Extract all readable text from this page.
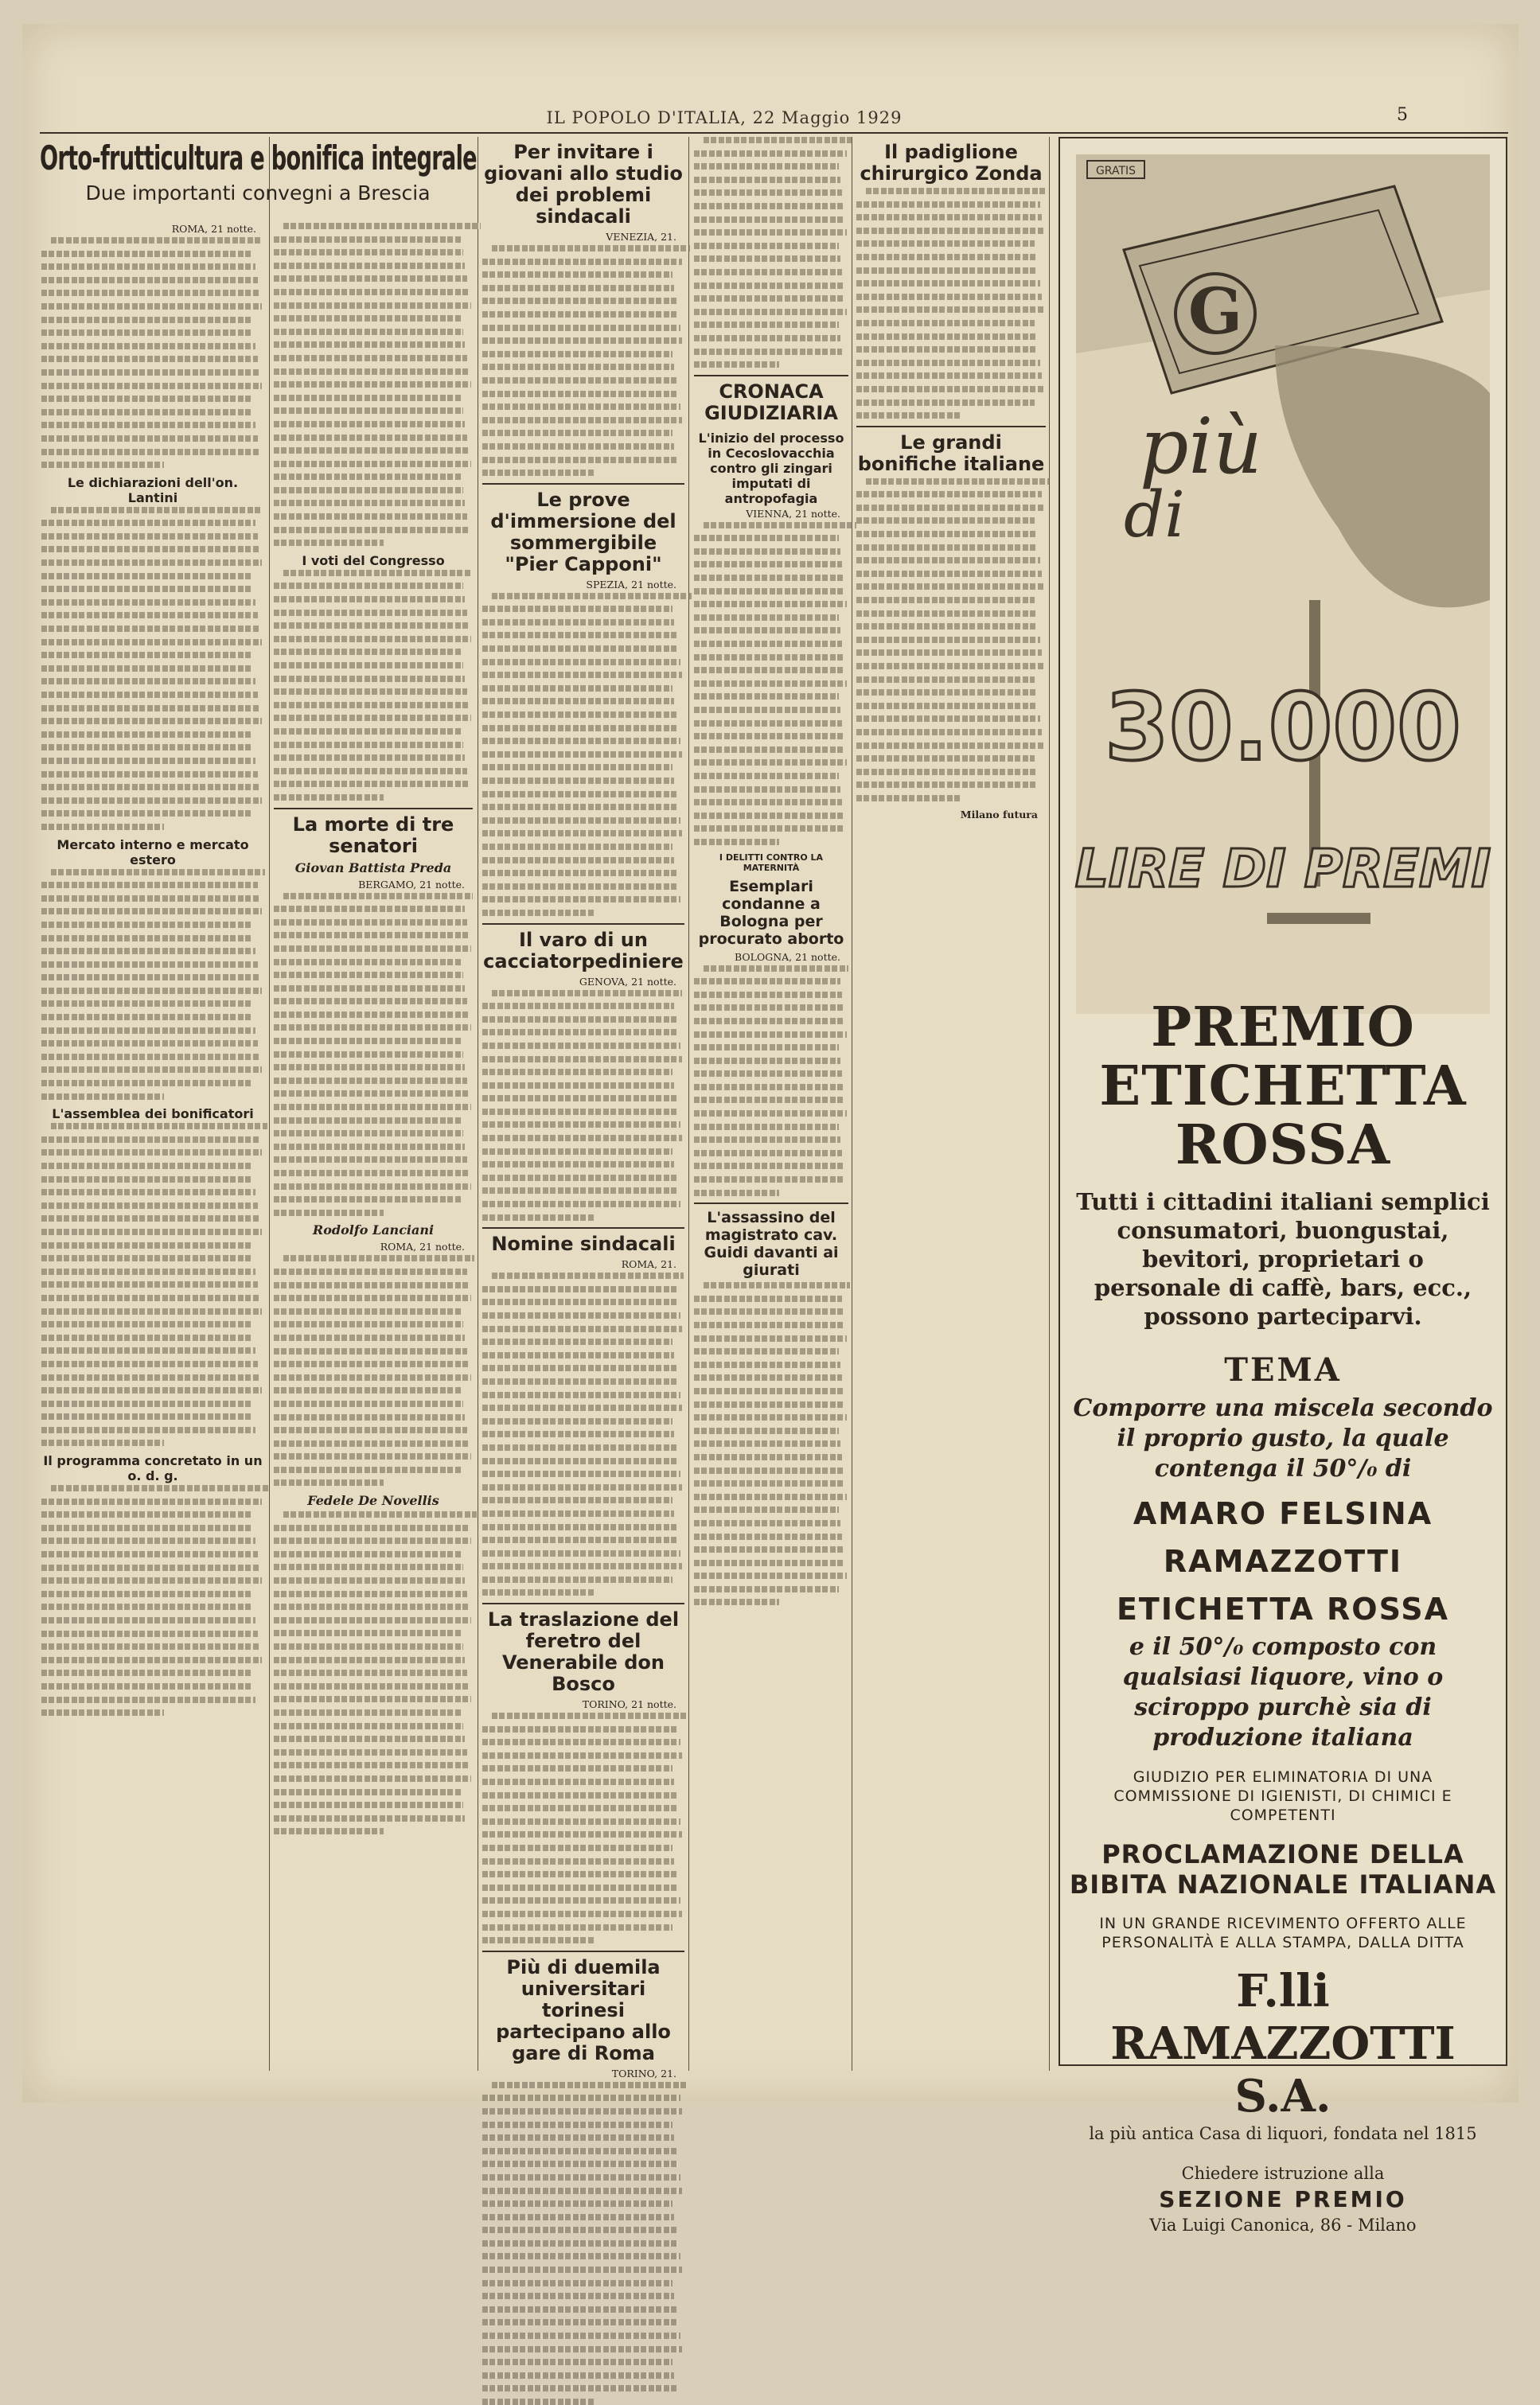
IL POPOLO D'ITALIA, 22 Maggio 1929	5
Orto-frutticultura e bonifica integrale
Due importanti convegni a Brescia
ROMA, 21 notte.
Le dichiarazioni dell'on. Lantini
Mercato interno e mercato estero
L'assemblea dei bonificatori
Il programma concretato in un o. d. g.
I voti del Congresso
La morte di tre senatori
Giovan Battista Preda
BERGAMO, 21 notte.
Rodolfo Lanciani
ROMA, 21 notte.
Fedele De Novellis
Per invitare i giovani allo studio dei problemi sindacali
VENEZIA, 21.
Le prove d'immersione del sommergibile "Pier Capponi"
SPEZIA, 21 notte.
Il varo di un cacciatorpediniere
GENOVA, 21 notte.
Nomine sindacali
ROMA, 21.
La traslazione del feretro del Venerabile don Bosco
TORINO, 21 notte.
Più di duemila universitari torinesi partecipano allo gare di Roma
TORINO, 21.
CRONACA GIUDIZIARIA
L'inizio del processo in Cecoslovacchia contro gli zingari imputati di antropofagia
VIENNA, 21 notte.
I DELITTI CONTRO LA MATERNITÀ
Esemplari condanne a Bologna per procurato aborto
BOLOGNA, 21 notte.
L'assassino del magistrato cav. Guidi davanti ai giurati
Il padiglione chirurgico Zonda
Le grandi bonifiche italiane
Milano futura
GRATIS
G
più
di
30.000
LIRE DI PREMI
PREMIO
ETICHETTA
ROSSA
Tutti i cittadini italiani semplici consumatori, buongustai, bevitori, proprietari o personale di caffè, bars, ecc., possono parteciparvi.
TEMA
Comporre una miscela secondo il proprio gusto, la quale contenga il 50°/₀ di
AMARO FELSINA
RAMAZZOTTI
ETICHETTA ROSSA
e il 50°/₀ composto con qualsiasi liquore, vino o sciroppo purchè sia di produzione italiana
GIUDIZIO PER ELIMINATORIA DI UNA COMMISSIONE DI IGIENISTI, DI CHIMICI E COMPETENTI
PROCLAMAZIONE DELLA BIBITA NAZIONALE ITALIANA
IN UN GRANDE RICEVIMENTO OFFERTO ALLE PERSONALITÀ E ALLA STAMPA, DALLA DITTA
F.lli RAMAZZOTTI S.A.
la più antica Casa di liquori, fondata nel 1815
Chiedere istruzione alla
SEZIONE PREMIO
Via Luigi Canonica, 86 - Milano
